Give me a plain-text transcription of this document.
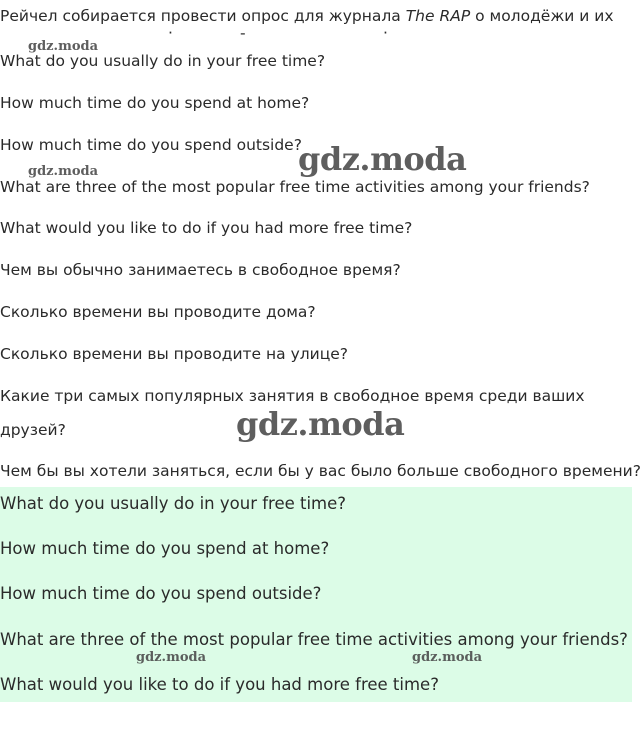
Рейчел собирается провести опрос для журнала The RAP о молодёжи и их

·	-	·

What do you usually do in your free time?

How much time do you spend at home?

How much time do you spend outside?

What are three of the most popular free time activities among your friends?

What would you like to do if you had more free time?

Чем вы обычно занимаетесь в свободное время?

Сколько времени вы проводите дома?

Сколько времени вы проводите на улице?

Какие три самых популярных занятия в свободное время среди ваших

друзей?

Чем бы вы хотели заняться, если бы у вас было больше свободного времени?

What do you usually do in your free time?

How much time do you spend at home?

How much time do you spend outside?

What are three of the most popular free time activities among your friends?

What would you like to do if you had more free time?

gdz.moda
gdz.moda
gdz.moda
gdz.moda
gdz.moda	gdz.moda
